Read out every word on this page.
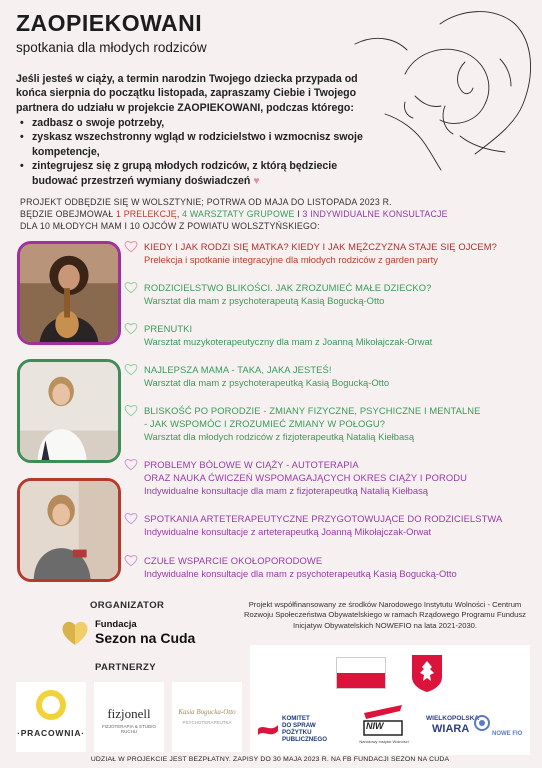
ZAOPIEKOWANI
spotkania dla młodych rodziców
Jeśli jesteś w ciąży, a termin narodzin Twojego dziecka przypada od końca sierpnia do początku listopada, zapraszamy Ciebie i Twojego partnera do udziału w projekcie ZAOPIEKOWANI, podczas którego:
• zadbasz o swoje potrzeby,
• zyskasz wszechstronny wgląd w rodzicielstwo i wzmocnisz swoje kompetencje,
• zintegrujesz się z grupą młodych rodziców, z którą będziecie budować przestrzeń wymiany doświadczeń ♥
PROJEKT ODBĘDZIE SIĘ W WOLSZTYNIE; POTRWA OD MAJA DO LISTOPADA 2023 R.
BĘDZIE OBEJMOWAŁ 1 PRELEKCJĘ, 4 WARSZTATY GRUPOWE I 3 INDYWIDUALNE KONSULTACJE
DLA 10 MŁODYCH MAM I 10 OJCÓW Z POWIATU WOLSZTYŃSKIEGO:
KIEDY I JAK RODZI SIĘ MATKA? KIEDY I JAK MĘŻCZYZNA STAJE SIĘ OJCEM?
Prelekcja i spotkanie integracyjne dla młodych rodziców z garden party
RODZICIELSTWO BLIKOŚCI. JAK ZROZUMIEĆ MAŁE DZIECKO?
Warsztat dla mam z psychoterapeutą Kasią Bogucką-Otto
PRENUTKI
Warsztat muzykoterapeutyczny dla mam z Joanną Mikołajczak-Orwat
NAJLEPSZA MAMA - TAKA, JAKA JESTEŚ!
Warsztat dla mam z psychoterapeutką Kasią Bogucką-Otto
BLISKOŚĆ PO PORODZIE - ZMIANY FIZYCZNE, PSYCHICZNE I MENTALNE
- JAK WSPOMÓC I ZROZUMIEĆ ZMIANY W POŁOGU?
Warsztat dla młodych rodziców z fizjoterapeutką Natalią Kiełbasą
PROBLEMY BÓLOWE W CIĄŻY - AUTOTERAPIA
ORAZ NAUKA ĆWICZEŃ WSPOMAGAJĄCYCH OKRES CIĄŻY I PORODU
Indywidualne konsultacje dla mam z fizjoterapeutką Natalią Kiełbasą
SPOTKANIA ARTETERAPEUTYCZNE PRZYGOTOWUJĄCE DO RODZICIELSTWA
Indywidualne konsultacje z arteterapeutką Joanną Mikołajczak-Orwat
CZUŁE WSPARCIE OKOŁOPORODOWE
Indywidualne konsultacje dla mam z psychoterapeutką Kasią Bogucką-Otto
ORGANIZATOR
Fundacja
Sezon na Cuda
Projekt współfinansowany ze środków Narodowego Instytutu Wolności - Centrum Rozwoju Społeczeństwa Obywatelskiego w ramach Rządowego Programu Fundusz Inicjatyw Obywatelskich NOWEFIO na lata 2021-2030.
PARTNERZY
·PRACOWNIA·
fizjonell
FIZJOTERAPIA & STUDIO RUCHU
Kasia Bogucka-Otto
PSYCHOTERAPEUTKA
KOMITET
DO SPRAW
POŻYTKU
PUBLICZNEGO
NIW
Narodowy Instytut Wolności
WIELKOPOLSKA
WIARA	NOWE FIO
UDZIAŁ W PROJEKCIE JEST BEZPŁATNY. ZAPISY DO 30 MAJA 2023 R. NA FB FUNDACJI SEZON NA CUDA
